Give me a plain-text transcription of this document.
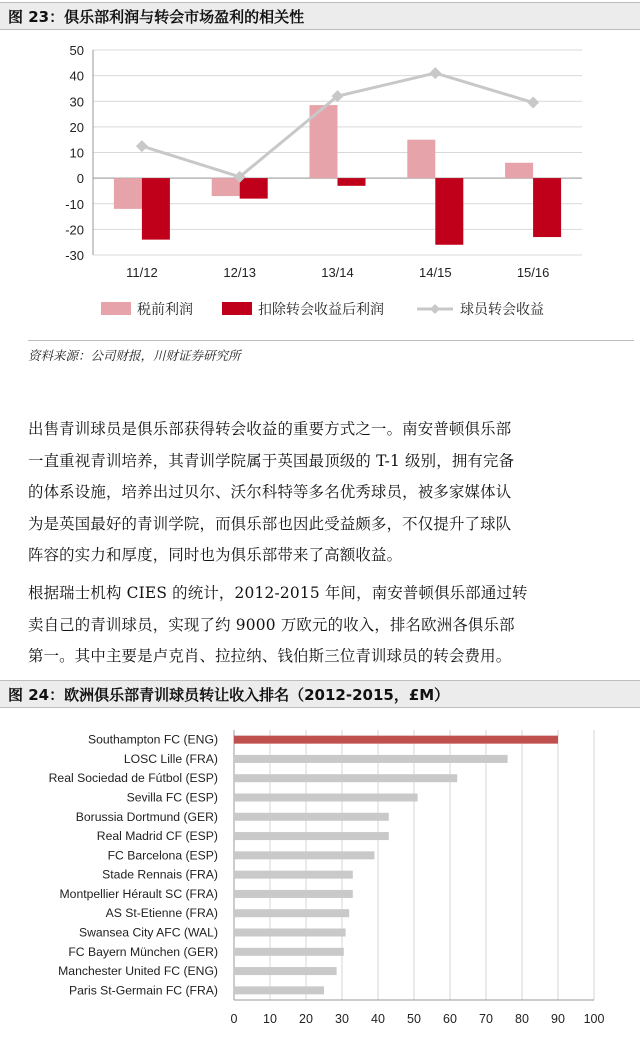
图 23：俱乐部利润与转会市场盈利的相关性
50
40
30
20
10
0
-10
-20
-30
11/12	12/13	13/14	14/15	15/16
税前利润	扣除转会收益后利润	球员转会收益
资料来源：公司财报，川财证券研究所
出售青训球员是俱乐部获得转会收益的重要方式之一。南安普顿俱乐部
一直重视青训培养，其青训学院属于英国最顶级的 T-1 级别，拥有完备
的体系设施，培养出过贝尔、沃尔科特等多名优秀球员，被多家媒体认
为是英国最好的青训学院，而俱乐部也因此受益颇多，不仅提升了球队
阵容的实力和厚度，同时也为俱乐部带来了高额收益。
根据瑞士机构 CIES 的统计，2012-2015 年间，南安普顿俱乐部通过转
卖自己的青训球员，实现了约 9000 万欧元的收入，排名欧洲各俱乐部
第一。其中主要是卢克肖、拉拉纳、钱伯斯三位青训球员的转会费用。
图 24：欧洲俱乐部青训球员转让收入排名（2012-2015，£M）
0 10 20 30 40 50 60 70 80 90 100
Southampton FC (ENG)
LOSC Lille (FRA)
Real Sociedad de Fútbol (ESP)
Sevilla FC (ESP)
Borussia Dortmund (GER)
Real Madrid CF (ESP)
FC Barcelona (ESP)
Stade Rennais (FRA)
Montpellier Hérault SC (FRA)
AS St-Etienne (FRA)
Swansea City AFC (WAL)
FC Bayern München (GER)
Manchester United FC (ENG)
Paris St-Germain FC (FRA)
